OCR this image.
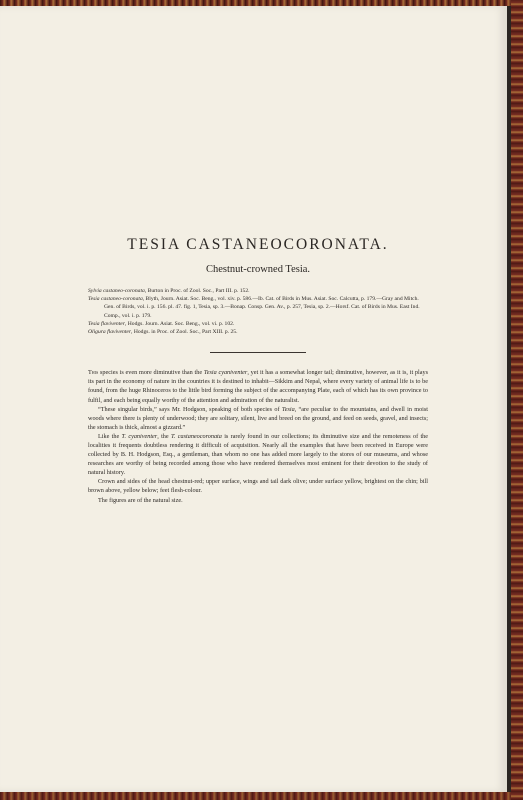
TESIA CASTANEOCORONATA.
Chestnut-crowned Tesia.

Sylvia castaneo-coronata, Burton in Proc. of Zool. Soc., Part III. p. 152.

Tesia castaneo-coronata, Blyth, Journ. Asiat. Soc. Beng., vol. xiv. p. 586.—Ib. Cat. of Birds in Mus. Asiat. Soc. Calcutta, p. 179.—Gray and Mitch. Gen. of Birds, vol. i. p. 156. pl. 47. fig. 1, Tesia, sp. 3.—Bonap. Consp. Gen. Av., p. 257, Tesia, sp. 2.—Horsf. Cat. of Birds in Mus. East Ind. Comp., vol. i. p. 179.

Tesia flaviventer, Hodgs. Journ. Asiat. Soc. Beng., vol. vi. p. 102.

Oligura flaviventer, Hodgs. in Proc. of Zool. Soc., Part XIII. p. 25.

This species is even more diminutive than the Tesia cyaniventer, yet it has a somewhat longer tail; diminutive, however, as it is, it plays its part in the economy of nature in the countries it is destined to inhabit—Sikkim and Nepal, where every variety of animal life is to be found, from the huge Rhinoceros to the little bird forming the subject of the accompanying Plate, each of which has its own province to fulfil, and each being equally worthy of the attention and admiration of the naturalist.

“These singular birds,” says Mr. Hodgson, speaking of both species of Tesia, “are peculiar to the mountains, and dwell in moist woods where there is plenty of underwood; they are solitary, silent, live and breed on the ground, and feed on seeds, gravel, and insects; the stomach is thick, almost a gizzard.”

Like the T. cyaniventer, the T. castaneocoronata is rarely found in our collections; its diminutive size and the remoteness of the localities it frequents doubtless rendering it difficult of acquisition. Nearly all the examples that have been received in Europe were collected by B. H. Hodgson, Esq., a gentleman, than whom no one has added more largely to the stores of our museums, and whose researches are worthy of being recorded among those who have rendered themselves most eminent for their devotion to the study of natural history.

Crown and sides of the head chestnut-red; upper surface, wings and tail dark olive; under surface yellow, brightest on the chin; bill brown above, yellow below; feet flesh-colour.

The figures are of the natural size.
